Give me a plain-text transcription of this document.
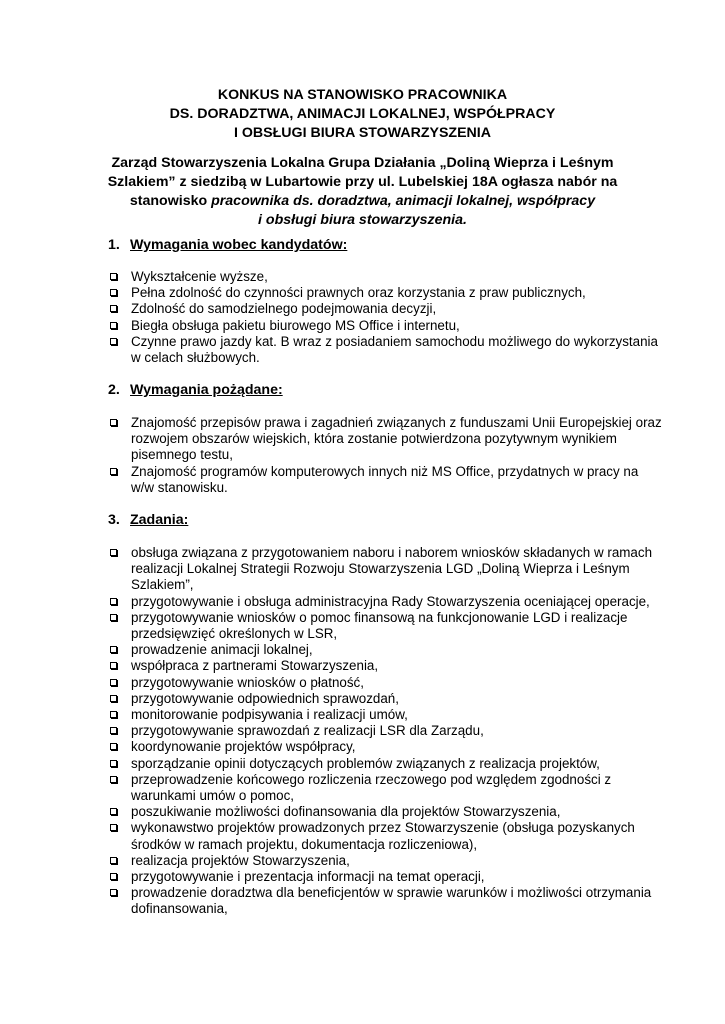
KONKUS NA STANOWISKO PRACOWNIKA
DS. DORADZTWA, ANIMACJI LOKALNEJ, WSPÓŁPRACY
I OBSŁUGI BIURA STOWARZYSZENIA
Zarząd Stowarzyszenia Lokalna Grupa Działania „Doliną Wieprza i Leśnym
Szlakiem” z siedzibą w Lubartowie przy ul. Lubelskiej 18A ogłasza nabór na
stanowisko pracownika ds. doradztwa, animacji lokalnej, współpracy
i obsługi biura stowarzyszenia.
1. Wymagania wobec kandydatów:
Wykształcenie wyższe,
Pełna zdolność do czynności prawnych oraz korzystania z praw publicznych,
Zdolność do samodzielnego podejmowania decyzji,
Biegła obsługa pakietu biurowego MS Office i internetu,
Czynne prawo jazdy kat. B wraz z posiadaniem samochodu możliwego do wykorzystania
w celach służbowych.
2. Wymagania pożądane:
Znajomość przepisów prawa i zagadnień związanych z funduszami Unii Europejskiej oraz
rozwojem obszarów wiejskich, która zostanie potwierdzona pozytywnym wynikiem
pisemnego testu,
Znajomość programów komputerowych innych niż MS Office, przydatnych w pracy na
w/w stanowisku.
3. Zadania:
obsługa związana z przygotowaniem naboru i naborem wniosków składanych w ramach
realizacji Lokalnej Strategii Rozwoju Stowarzyszenia LGD „Doliną Wieprza i Leśnym
Szlakiem”,
przygotowywanie i obsługa administracyjna Rady Stowarzyszenia oceniającej operacje,
przygotowywanie wniosków o pomoc finansową na funkcjonowanie LGD i realizacje
przedsięwzięć określonych w LSR,
prowadzenie animacji lokalnej,
współpraca z partnerami Stowarzyszenia,
przygotowywanie wniosków o płatność,
przygotowywanie odpowiednich sprawozdań,
monitorowanie podpisywania i realizacji umów,
przygotowywanie sprawozdań z realizacji LSR dla Zarządu,
koordynowanie projektów współpracy,
sporządzanie opinii dotyczących problemów związanych z realizacja projektów,
przeprowadzenie końcowego rozliczenia rzeczowego pod względem zgodności z
warunkami umów o pomoc,
poszukiwanie możliwości dofinansowania dla projektów Stowarzyszenia,
wykonawstwo projektów prowadzonych przez Stowarzyszenie (obsługa pozyskanych
środków w ramach projektu, dokumentacja rozliczeniowa),
realizacja projektów Stowarzyszenia,
przygotowywanie i prezentacja informacji na temat operacji,
prowadzenie doradztwa dla beneficjentów w sprawie warunków i możliwości otrzymania
dofinansowania,
